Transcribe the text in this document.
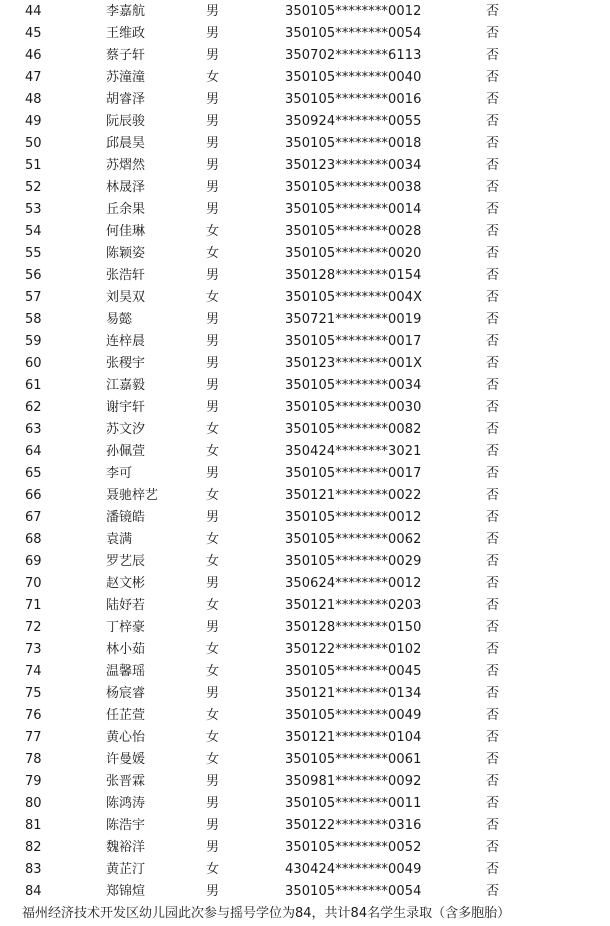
44	李嘉航	男	350105********0012	否
45	王维政	男	350105********0054	否
46	蔡子轩	男	350702********6113	否
47	苏潼潼	女	350105********0040	否
48	胡睿泽	男	350105********0016	否
49	阮辰骏	男	350924********0055	否
50	邱晨昊	男	350105********0018	否
51	苏熠然	男	350123********0034	否
52	林晟泽	男	350105********0038	否
53	丘余果	男	350105********0014	否
54	何佳琳	女	350105********0028	否
55	陈颖姿	女	350105********0020	否
56	张浩轩	男	350128********0154	否
57	刘昊双	女	350105********004X	否
58	易懿	男	350721********0019	否
59	连梓晨	男	350105********0017	否
60	张稷宇	男	350123********001X	否
61	江嘉毅	男	350105********0034	否
62	谢宇轩	男	350105********0030	否
63	苏文汐	女	350105********0082	否
64	孙佩萱	女	350424********3021	否
65	李可	男	350105********0017	否
66	聂驰梓艺	女	350121********0022	否
67	潘镜皓	男	350105********0012	否
68	袁满	女	350105********0062	否
69	罗艺辰	女	350105********0029	否
70	赵文彬	男	350624********0012	否
71	陆妤若	女	350121********0203	否
72	丁梓豪	男	350128********0150	否
73	林小茹	女	350122********0102	否
74	温馨瑶	女	350105********0045	否
75	杨宸睿	男	350121********0134	否
76	任芷萱	女	350105********0049	否
77	黄心怡	女	350121********0104	否
78	许曼媛	女	350105********0061	否
79	张晋霖	男	350981********0092	否
80	陈鸿涛	男	350105********0011	否
81	陈浩宇	男	350122********0316	否
82	魏裕洋	男	350105********0052	否
83	黄芷汀	女	430424********0049	否
84	郑锦煊	男	350105********0054	否
福州经济技术开发区幼儿园此次参与摇号学位为84，共计84名学生录取（含多胞胎）
